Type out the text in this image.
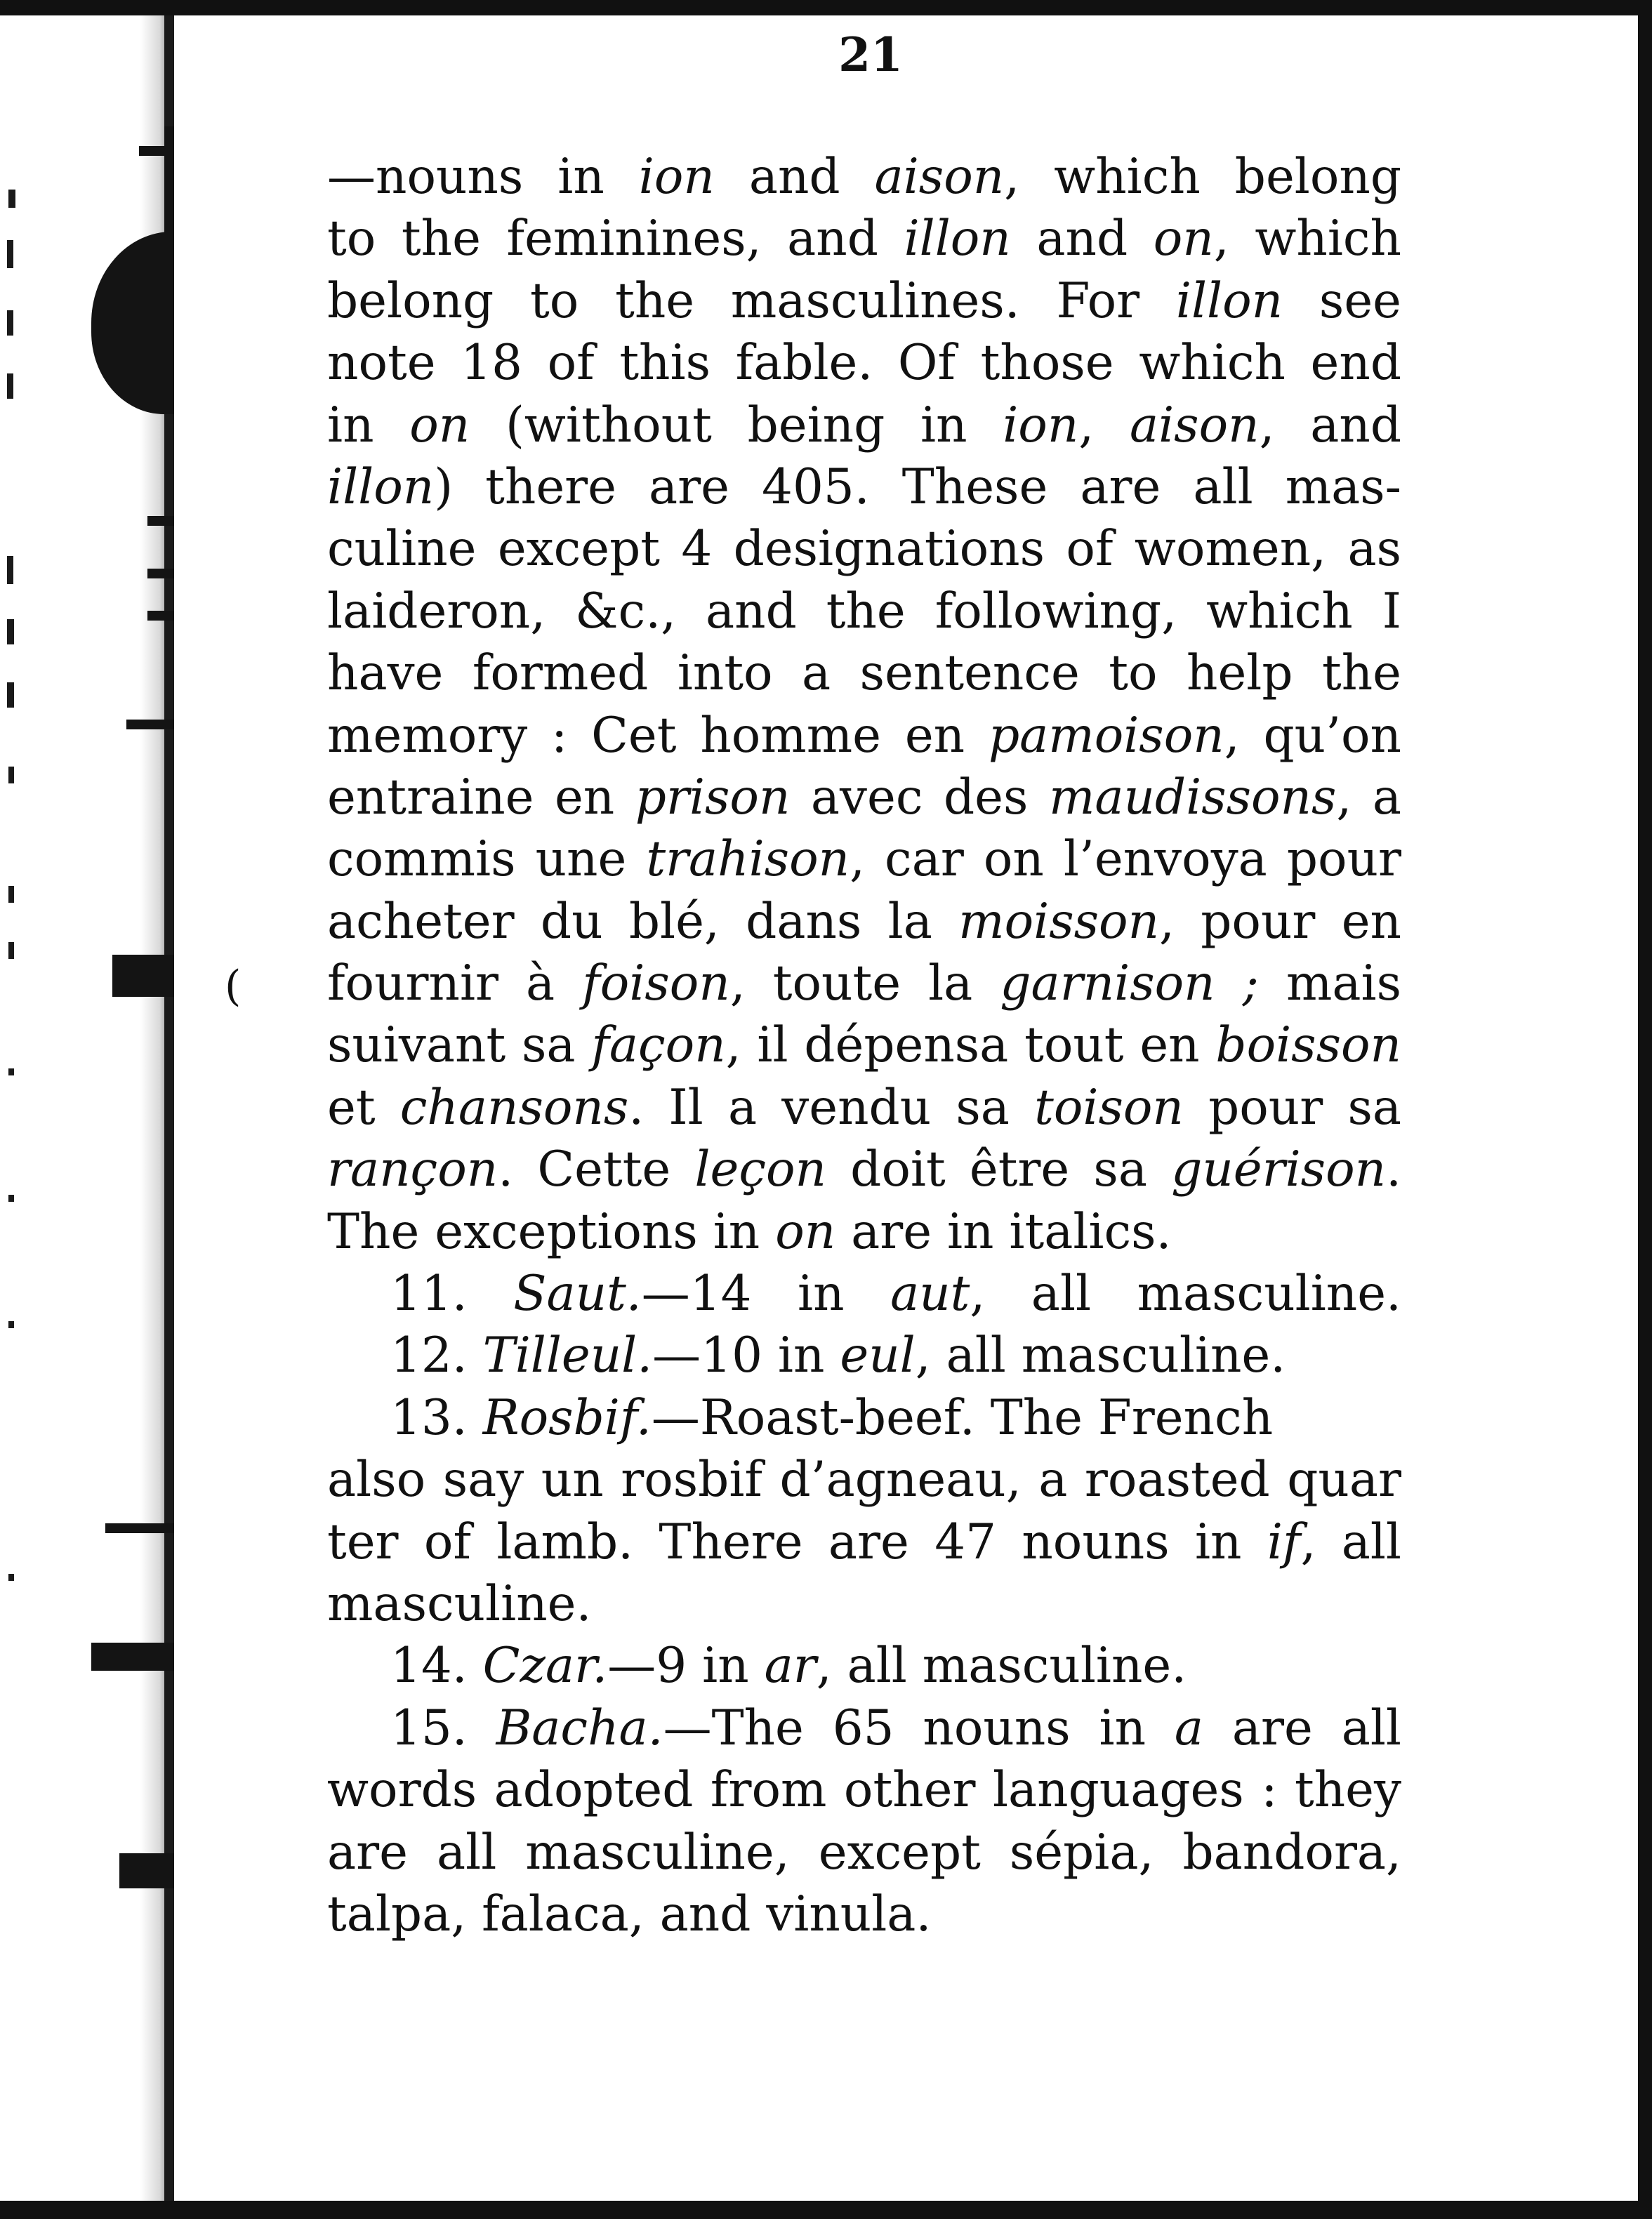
21
(
—nouns in ion and aison, which belong
to the feminines, and illon and on, which
belong to the masculines. For illon see
note 18 of this fable. Of those which end
in on (without being in ion, aison, and
illon) there are 405. These are all mas-
culine except 4 designations of women, as
laideron, &c., and the following, which I
have formed into a sentence to help the
memory : Cet homme en pamoison, qu’on
entraine en prison avec des maudissons, a
commis une trahison, car on l’envoya pour
acheter du blé, dans la moisson, pour en
fournir à foison, toute la garnison ; mais
suivant sa façon, il dépensa tout en boisson
et chansons. Il a vendu sa toison pour sa
rançon. Cette leçon doit être sa guérison.
The exceptions in on are in italics.
11. Saut.—14 in aut, all masculine.
12. Tilleul.—10 in eul, all masculine.
13. Rosbif.—Roast-beef. The French
also say un rosbif d’agneau, a roasted quar
ter of lamb. There are 47 nouns in if, all
masculine.
14. Czar.—9 in ar, all masculine.
15. Bacha.—The 65 nouns in a are all
words adopted from other languages : they
are all masculine, except sépia, bandora,
talpa, falaca, and vinula.
